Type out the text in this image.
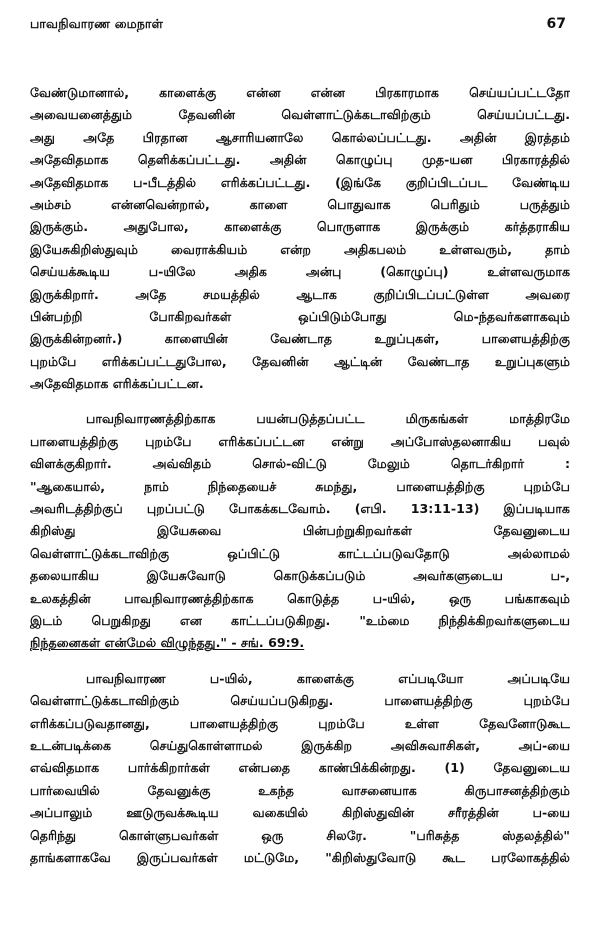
பாவநிவாரண மைநாள்	67

வேண்டுமானால், காளைக்கு என்ன என்ன பிரகாரமாக செய்யப்பட்டதோ
அவையனைத்தும் தேவனின் வெள்ளாட்டுக்கடாவிற்கும் செய்யப்பட்டது.
அது அதே பிரதான ஆசாரியனாலே கொல்லப்பட்டது. அதின் இரத்தம்
அதேவிதமாக தெளிக்கப்பட்டது. அதின் கொழுப்பு முத-யன பிரகாரத்தில்
அதேவிதமாக ப-பீடத்தில் எரிக்கப்பட்டது. (இங்கே குறிப்பிடப்பட வேண்டிய
அம்சம் என்னவென்றால், காளை பொதுவாக பெரிதும் பருத்தும்
இருக்கும். அதுபோல, காளைக்கு பொருளாக இருக்கும் கர்த்தராகிய
இயேசுகிறிஸ்துவும் வைராக்கியம் என்ற அதிகபலம் உள்ளவரும், தாம்
செய்யக்கூடிய ப-யிலே அதிக அன்பு (கொழுப்பு) உள்ளவருமாக
இருக்கிறார். அதே சமயத்தில் ஆடாக குறிப்பிடப்பட்டுள்ள அவரை
பின்பற்றி போகிறவர்கள் ஒப்பிடும்போது மெ-ந்தவர்களாகவும்
இருக்கின்றனர்.) காளையின் வேண்டாத உறுப்புகள், பாளையத்திற்கு
புறம்பே எரிக்கப்பட்டதுபோல, தேவனின் ஆட்டின் வேண்டாத உறுப்புகளும்
அதேவிதமாக எரிக்கப்பட்டன.

பாவநிவாரணத்திற்காக பயன்படுத்தப்பட்ட மிருகங்கள் மாத்திரமே
பாளையத்திற்கு புறம்பே எரிக்கப்பட்டன என்று அப்போஸ்தலனாகிய பவுல்
விளக்குகிறார். அவ்விதம் சொல்-விட்டு மேலும் தொடர்கிறார் :
"ஆகையால், நாம் நிந்தையைச் சுமந்து, பாளையத்திற்கு புறம்பே
அவரிடத்திற்குப் புறப்பட்டு போகக்கடவோம். (எபி. 13:11-13) இப்படியாக
கிறிஸ்து இயேசுவை பின்பற்றுகிறவர்கள் தேவனுடைய
வெள்ளாட்டுக்கடாவிற்கு ஒப்பிட்டு காட்டப்படுவதோடு அல்லாமல்
தலையாகிய இயேசுவோடு கொடுக்கப்படும் அவர்களுடைய ப-,
உலகத்தின் பாவநிவாரணத்திற்காக கொடுத்த ப-யில், ஒரு பங்காகவும்
இடம் பெறுகிறது என காட்டப்படுகிறது. "உம்மை நிந்திக்கிறவர்களுடைய
நிந்தனைகள் என்மேல் விழுந்தது." - சங். 69:9.

பாவநிவாரண ப-யில், காளைக்கு எப்படியோ அப்படியே
வெள்ளாட்டுக்கடாவிற்கும் செய்யப்படுகிறது. பாளையத்திற்கு புறம்பே
எரிக்கப்படுவதானது, பாளையத்திற்கு புறம்பே உள்ள தேவனோடுகூட
உடன்படிக்கை செய்துகொள்ளாமல் இருக்கிற அவிசுவாசிகள், அப்-யை
எவ்விதமாக பார்க்கிறார்கள் என்பதை காண்பிக்கின்றது. (1) தேவனுடைய
பார்வையில் தேவனுக்கு உகந்த வாசனையாக கிருபாசனத்திற்கும்
அப்பாலும் ஊடுருவக்கூடிய வகையில் கிறிஸ்துவின் சரீரத்தின் ப-யை
தெரிந்து கொள்ளுபவர்கள் ஒரு சிலரே. "பரிசுத்த ஸ்தலத்தில்"
தாங்களாகவே இருப்பவர்கள் மட்டுமே, "கிறிஸ்துவோடு கூட பரலோகத்தில்
